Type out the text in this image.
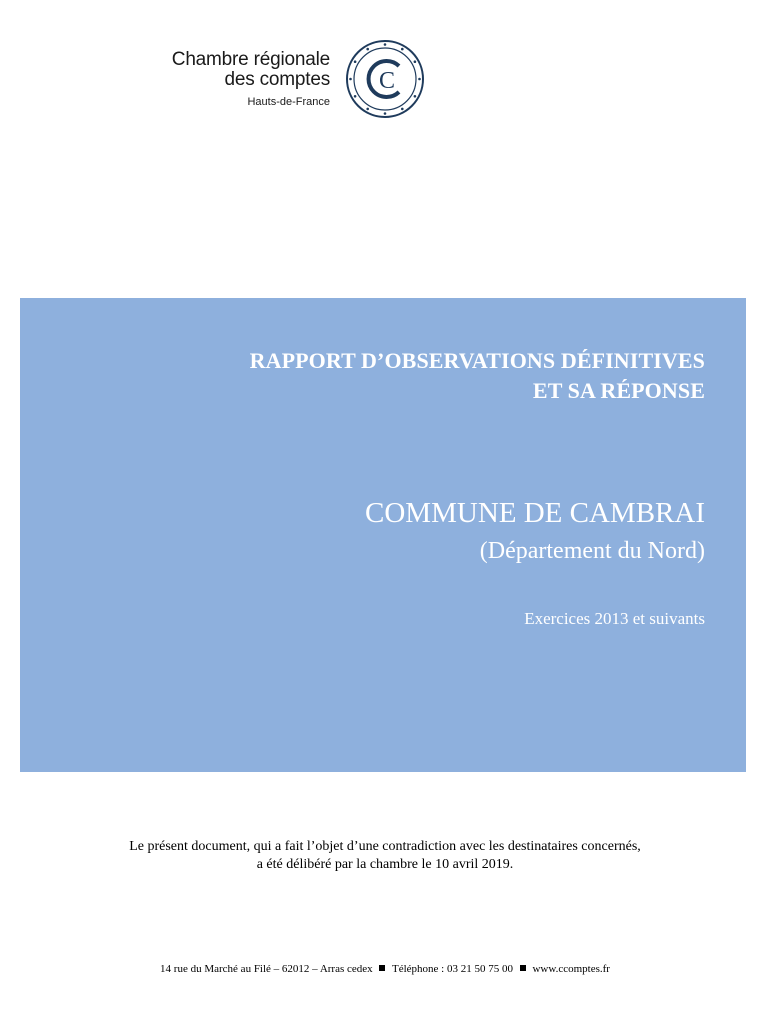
Chambre régionale
des comptes
Hauts-de-France
C
RAPPORT D’OBSERVATIONS DÉFINITIVES
ET SA RÉPONSE
COMMUNE DE CAMBRAI
(Département du Nord)
Exercices 2013 et suivants
Le présent document, qui a fait l’objet d’une contradiction avec les destinataires concernés,
a été délibéré par la chambre le 10 avril 2019.
14 rue du Marché au Filé – 62012 – Arras cedex Téléphone : 03 21 50 75 00 www.ccomptes.fr
